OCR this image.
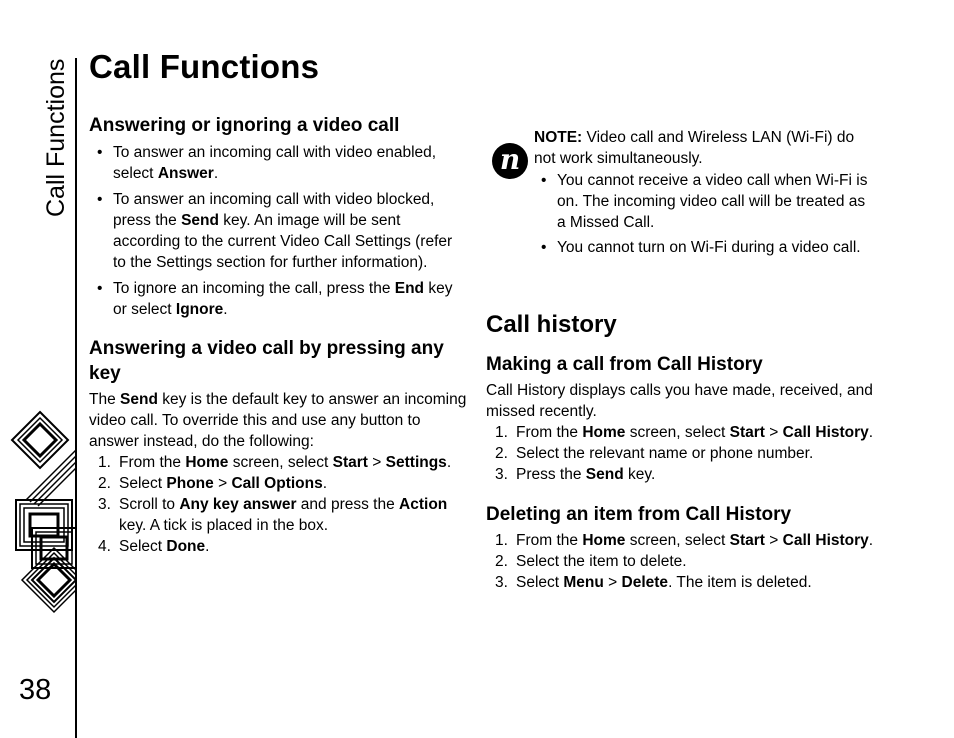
Call Functions
38
Call Functions
Answering or ignoring a video call
• To answer an incoming call with video enabled, select Answer.
• To answer an incoming call with video blocked, press the Send key. An image will be sent according to the current Video Call Settings (refer to the Settings section for further information).
• To ignore an incoming the call, press the End key or select Ignore.
Answering a video call by pressing any key

The Send key is the default key to answer an incoming video call. To override this and use any button to answer instead, do the following:

1. From the Home screen, select Start > Settings.
2. Select Phone > Call Options.
3. Scroll to Any key answer and press the Action key. A tick is placed in the box.
4. Select Done.
n

NOTE: Video call and Wireless LAN (Wi-Fi) do not work simultaneously.

• You cannot receive a video call when Wi-Fi is on. The incoming video call will be treated as a Missed Call.
• You cannot turn on Wi-Fi during a video call.
Call history
Making a call from Call History

Call History displays calls you have made, received, and missed recently.

1. From the Home screen, select Start > Call History.
2. Select the relevant name or phone number.
3. Press the Send key.
Deleting an item from Call History
1. From the Home screen, select Start > Call History.
2. Select the item to delete.
3. Select Menu > Delete. The item is deleted.
